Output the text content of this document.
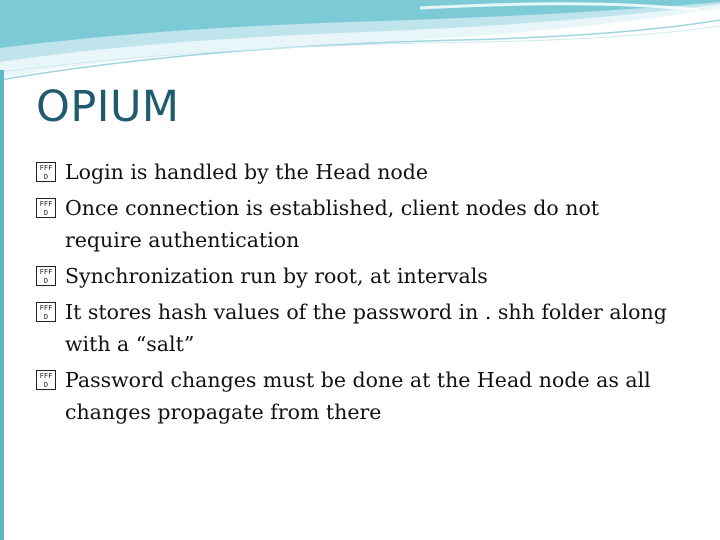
OPIUM
FFFD
Login is handled by the Head node
FFFD
Once connection is established, client nodes do not require authentication
FFFD
Synchronization run by root, at intervals
FFFD
It stores hash values of the password in . shh folder along with a “salt”
FFFD
Password changes must be done at the Head node as all changes propagate from there
